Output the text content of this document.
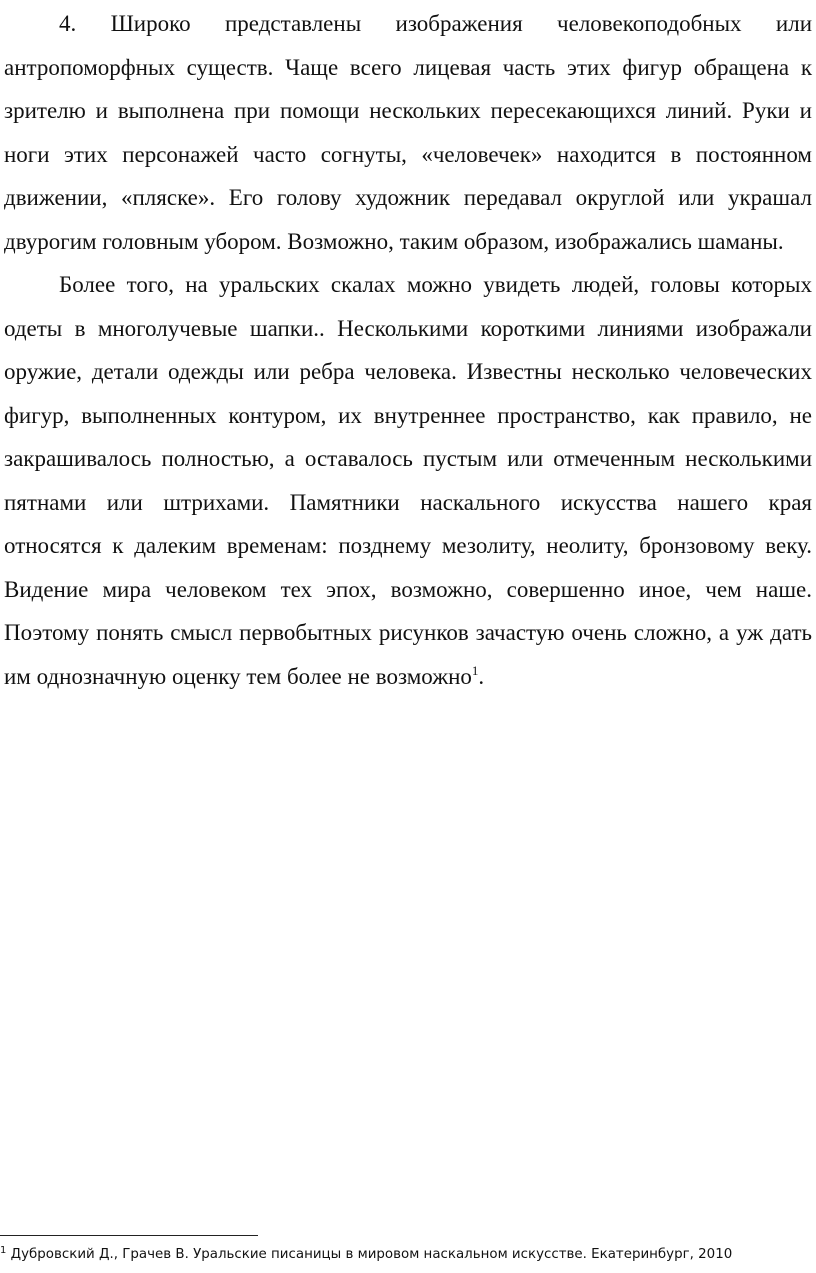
4. Широко представлены изображения человекоподобных или антропоморфных существ. Чаще всего лицевая часть этих фигур обращена к зрителю и выполнена при помощи нескольких пересекающихся линий. Руки и ноги этих персонажей часто согнуты, «человечек» находится в постоянном движении, «пляске». Его голову художник передавал округлой или украшал двурогим головным убором. Возможно, таким образом, изображались шаманы.

Более того, на уральских скалах можно увидеть людей, головы которых одеты в многолучевые шапки.. Несколькими короткими линиями изображали оружие, детали одежды или ребра человека. Известны несколько человеческих фигур, выполненных контуром, их внутреннее пространство, как правило, не закрашивалось полностью, а оставалось пустым или отмеченным несколькими пятнами или штрихами. Памятники наскального искусства нашего края относятся к далеким временам: позднему мезолиту, неолиту, бронзовому веку. Видение мира человеком тех эпох, возможно, совершенно иное, чем наше. Поэтому понять смысл первобытных рисунков зачастую очень сложно, а уж дать им однозначную оценку тем более не возможно$^1$.

$^1$ Дубровский Д., Грачев В. Уральские писаницы в мировом наскальном искусстве. Екатеринбург, 2010
